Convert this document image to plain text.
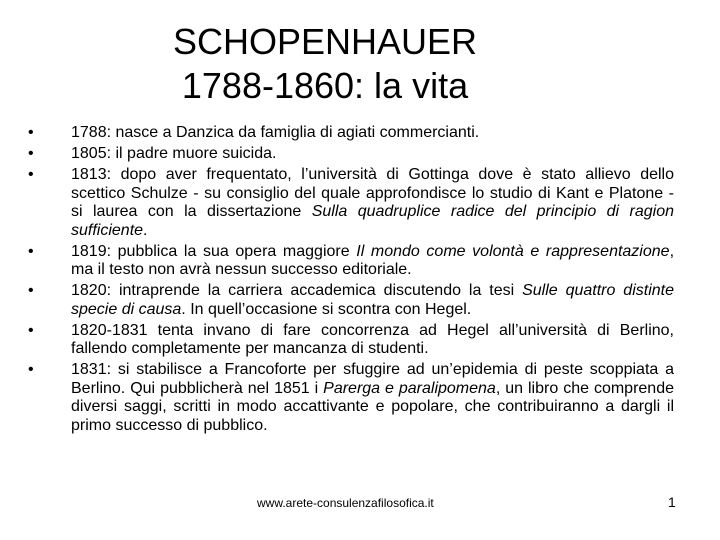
SCHOPENHAUER
1788-1860: la vita
• 1788: nasce a Danzica da famiglia di agiati commercianti.
• 1805: il padre muore suicida.
• 1813: dopo aver frequentato, l’università di Gottinga dove è stato allievo dello scettico Schulze - su consiglio del quale approfondisce lo studio di Kant e Platone - si laurea con la dissertazione Sulla quadruplice radice del principio di ragion sufficiente.
• 1819: pubblica la sua opera maggiore Il mondo come volontà e rappresentazione, ma il testo non avrà nessun successo editoriale.
• 1820: intraprende la carriera accademica discutendo la tesi Sulle quattro distinte specie di causa. In quell’occasione si scontra con Hegel.
• 1820-1831 tenta invano di fare concorrenza ad Hegel all’università di Berlino, fallendo completamente per mancanza di studenti.
• 1831: si stabilisce a Francoforte per sfuggire ad un’epidemia di peste scoppiata a Berlino. Qui pubblicherà nel 1851 i Parerga e paralipomena, un libro che comprende diversi saggi, scritti in modo accattivante e popolare, che contribuiranno a dargli il primo successo di pubblico.
www.arete-consulenzafilosofica.it	1
